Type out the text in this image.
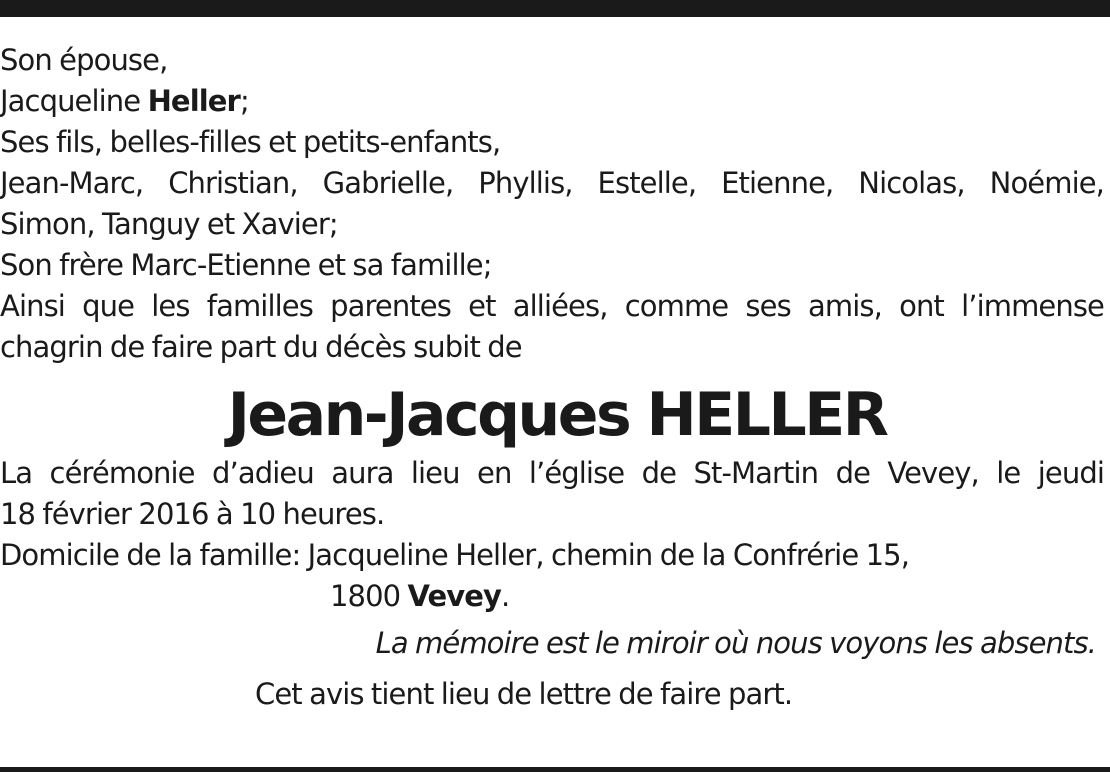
Son épouse,
Jacqueline Heller;
Ses fils, belles-filles et petits-enfants,
Jean-Marc, Christian, Gabrielle, Phyllis, Estelle, Etienne, Nicolas, Noémie,
Simon, Tanguy et Xavier;
Son frère Marc-Etienne et sa famille;
Ainsi que les familles parentes et alliées, comme ses amis, ont l’immense
chagrin de faire part du décès subit de
Jean-Jacques HELLER
La cérémonie d’adieu aura lieu en l’église de St-Martin de Vevey, le jeudi
18 février 2016 à 10 heures.
Domicile de la famille: Jacqueline Heller, chemin de la Confrérie 15,
1800 Vevey.
La mémoire est le miroir où nous voyons les absents.
Cet avis tient lieu de lettre de faire part.
